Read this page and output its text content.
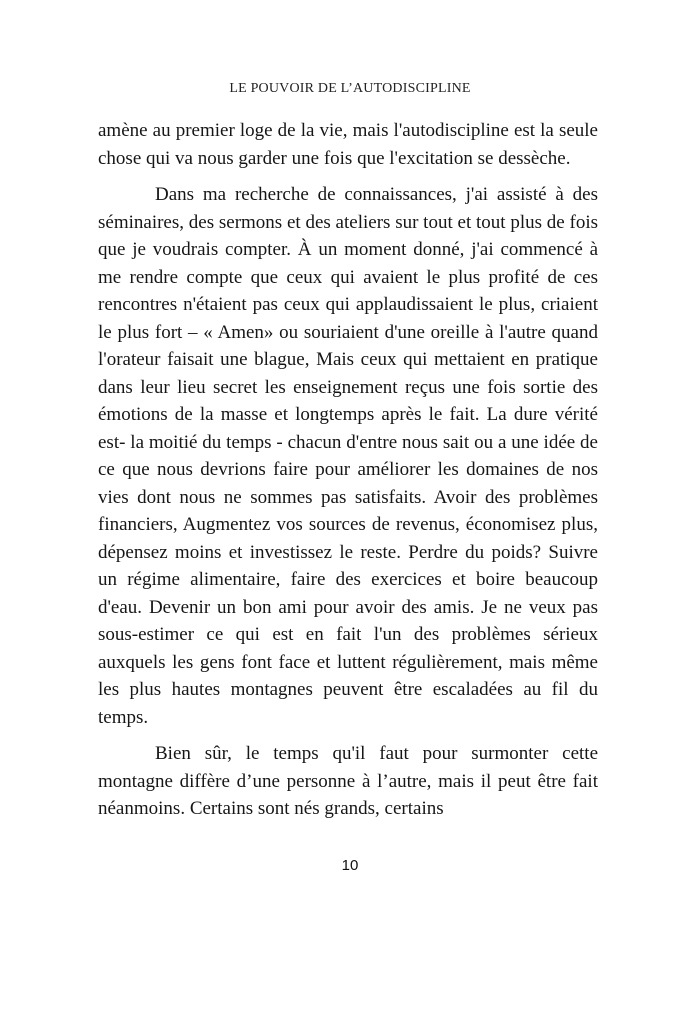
LE POUVOIR DE L’AUTODISCIPLINE

amène au premier loge de la vie, mais l'autodiscipline est la seule chose qui va nous garder une fois que l'excitation se dessèche.

Dans ma recherche de connaissances, j'ai assisté à des séminaires, des sermons et des ateliers sur tout et tout plus de fois que je voudrais compter. À un moment donné, j'ai commencé à me rendre compte que ceux qui avaient le plus profité de ces rencontres n'étaient pas ceux qui applaudissaient le plus, criaient le plus fort – « Amen» ou souriaient d'une oreille à l'autre quand l'orateur faisait une blague, Mais ceux qui mettaient en pratique dans leur lieu secret les enseignement reçus une fois sortie des émotions de la masse et longtemps après le fait. La dure vérité est- la moitié du temps - chacun d'entre nous sait ou a une idée de ce que nous devrions faire pour améliorer les domaines de nos vies dont nous ne sommes pas satisfaits. Avoir des problèmes financiers, Augmentez vos sources de revenus, économisez plus, dépensez moins et investissez le reste. Perdre du poids? Suivre un régime alimentaire, faire des exercices et boire beaucoup d'eau. Devenir un bon ami pour avoir des amis. Je ne veux pas sous-estimer ce qui est en fait l'un des problèmes sérieux auxquels les gens font face et luttent régulièrement, mais même les plus hautes montagnes peuvent être escaladées au fil du temps.

Bien sûr, le temps qu'il faut pour surmonter cette montagne diffère d’une personne à l’autre, mais il peut être fait néanmoins. Certains sont nés grands, certains

10
